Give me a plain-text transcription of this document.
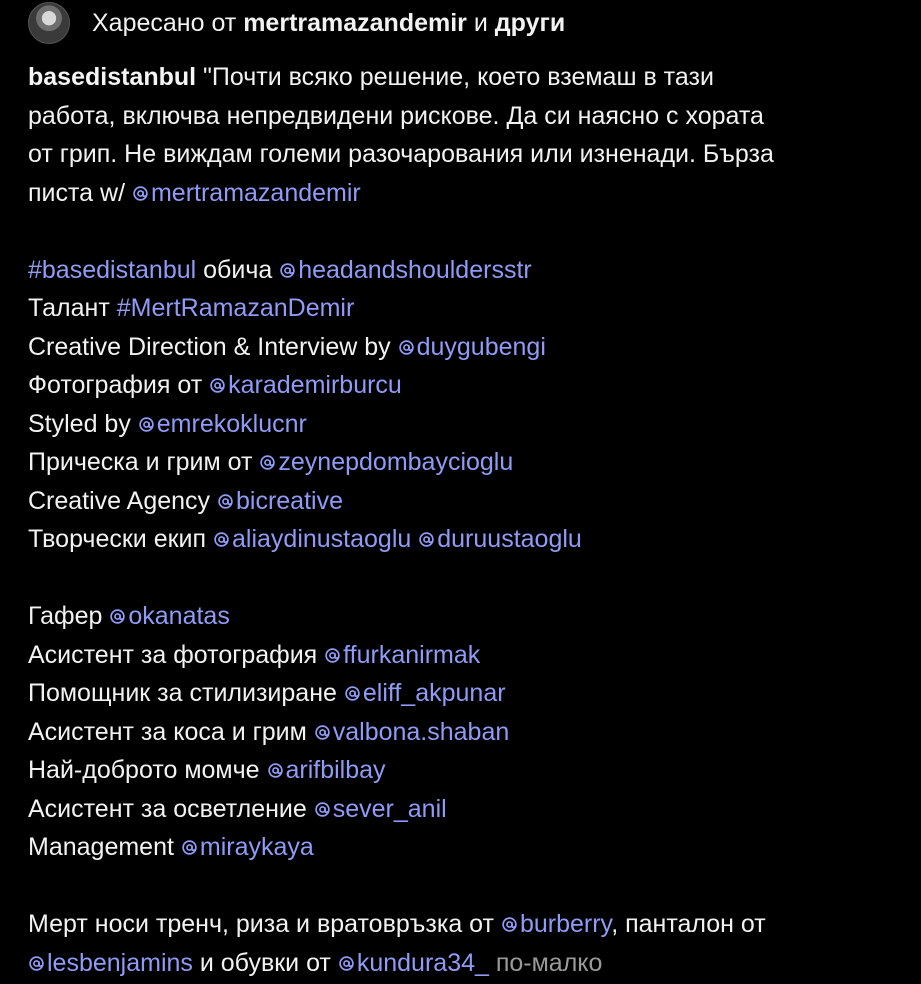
Харесано от mertramazandemir и други
basedistanbul "Почти всяко решение, което вземаш в тази
работа, включва непредвидени рискове. Да си наясно с хората
от грип. Не виждам големи разочарования или изненади. Бърза
писта w/ mertramazandemir
#basedistanbul обича headandshouldersstr
Талант #MertRamazanDemir
Creative Direction & Interview by duygubengi
Фотография от karademirburcu
Styled by emrekoklucnr
Прическа и грим от zeynepdombaycioglu
Creative Agency bicreative
Творчески екип aliaydinustaoglu duruustaoglu
Гафер okanatas
Асистент за фотография ffurkanirmak
Помощник за стилизиране eliff_akpunar
Асистент за коса и грим valbona.shaban
Най-доброто момче arifbilbay
Асистент за осветление sever_anil
Management miraykaya
Мерт носи тренч, риза и вратовръзка от burberry, панталон от
lesbenjamins и обувки от kundura34_ по-малко
